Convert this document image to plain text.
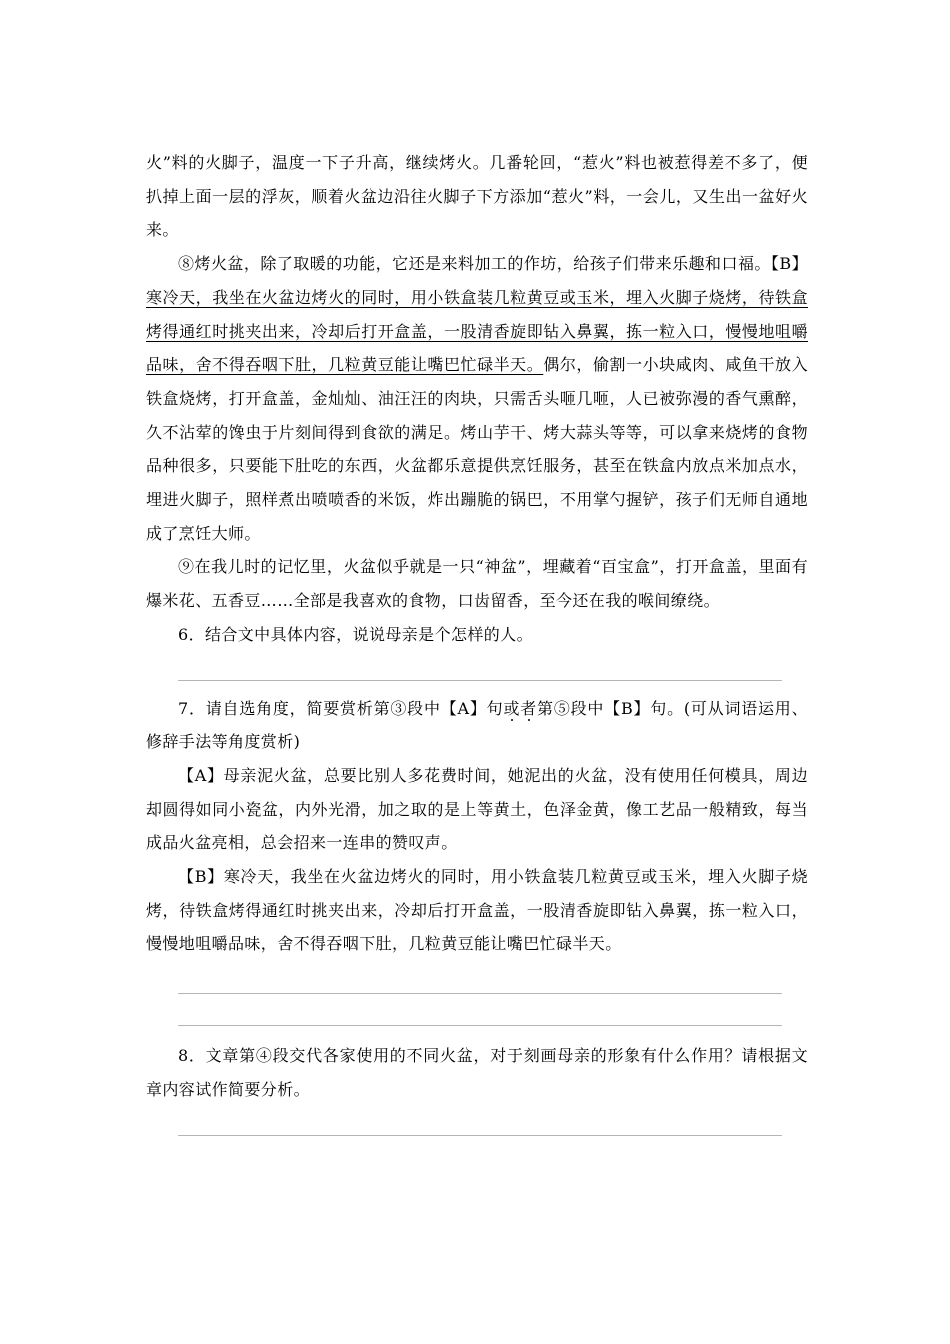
火”料的火脚子，温度一下子升高，继续烤火。几番轮回，“惹火”料也被惹得差不多了，便扒掉上面一层的浮灰，顺着火盆边沿往火脚子下方添加“惹火”料，一会儿，又生出一盆好火来。

⑧烤火盆，除了取暖的功能，它还是来料加工的作坊，给孩子们带来乐趣和口福。【B】寒冷天，我坐在火盆边烤火的同时，用小铁盒装几粒黄豆或玉米，埋入火脚子烧烤，待铁盒烤得通红时挑夹出来，冷却后打开盒盖，一股清香旋即钻入鼻翼，拣一粒入口，慢慢地咀嚼品味，舍不得吞咽下肚，几粒黄豆能让嘴巴忙碌半天。偶尔，偷割一小块咸肉、咸鱼干放入铁盒烧烤，打开盒盖，金灿灿、油汪汪的肉块，只需舌头咂几咂，人已被弥漫的香气熏醉，久不沾荤的馋虫于片刻间得到食欲的满足。烤山芋干、烤大蒜头等等，可以拿来烧烤的食物品种很多，只要能下肚吃的东西，火盆都乐意提供烹饪服务，甚至在铁盒内放点米加点水，埋进火脚子，照样煮出喷喷香的米饭，炸出蹦脆的锅巴，不用掌勺握铲，孩子们无师自通地成了烹饪大师。

⑨在我儿时的记忆里，火盆似乎就是一只“神盆”，埋藏着“百宝盒”，打开盒盖，里面有爆米花、五香豆……全部是我喜欢的食物，口齿留香，至今还在我的喉间缭绕。

6．结合文中具体内容，说说母亲是个怎样的人。

7．请自选角度，简要赏析第③段中【A】句或者第⑤段中【B】句。(可从词语运用、修辞手法等角度赏析)

【A】母亲泥火盆，总要比别人多花费时间，她泥出的火盆，没有使用任何模具，周边却圆得如同小瓷盆，内外光滑，加之取的是上等黄土，色泽金黄，像工艺品一般精致，每当成品火盆亮相，总会招来一连串的赞叹声。

【B】寒冷天，我坐在火盆边烤火的同时，用小铁盒装几粒黄豆或玉米，埋入火脚子烧烤，待铁盒烤得通红时挑夹出来，冷却后打开盒盖，一股清香旋即钻入鼻翼，拣一粒入口，慢慢地咀嚼品味，舍不得吞咽下肚，几粒黄豆能让嘴巴忙碌半天。

8．文章第④段交代各家使用的不同火盆，对于刻画母亲的形象有什么作用？请根据文章内容试作简要分析。
